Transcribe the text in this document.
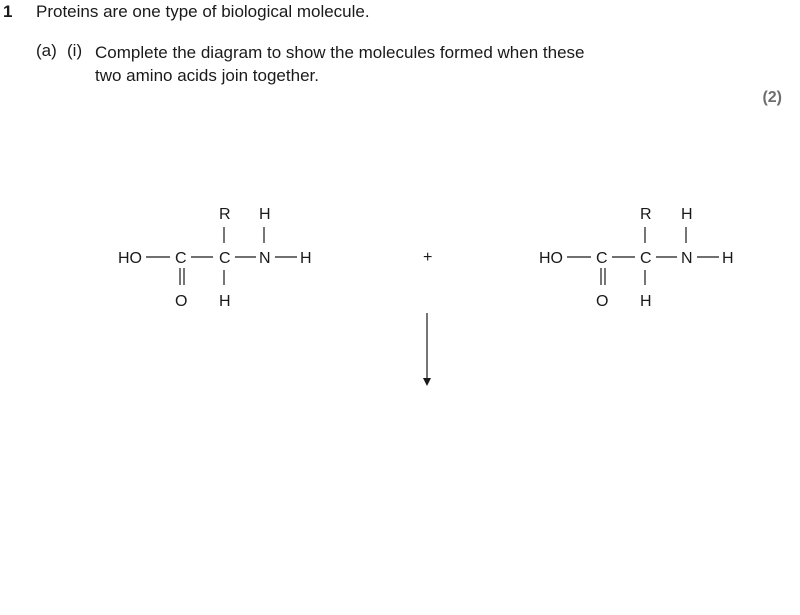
1 Proteins are one type of biological molecule.
(a) (i) Complete the diagram to show the molecules formed when these
two amino acids join together.
(2)
HO C C N H
O
R
H
H
+	HO C C N H
O
R
H
H
